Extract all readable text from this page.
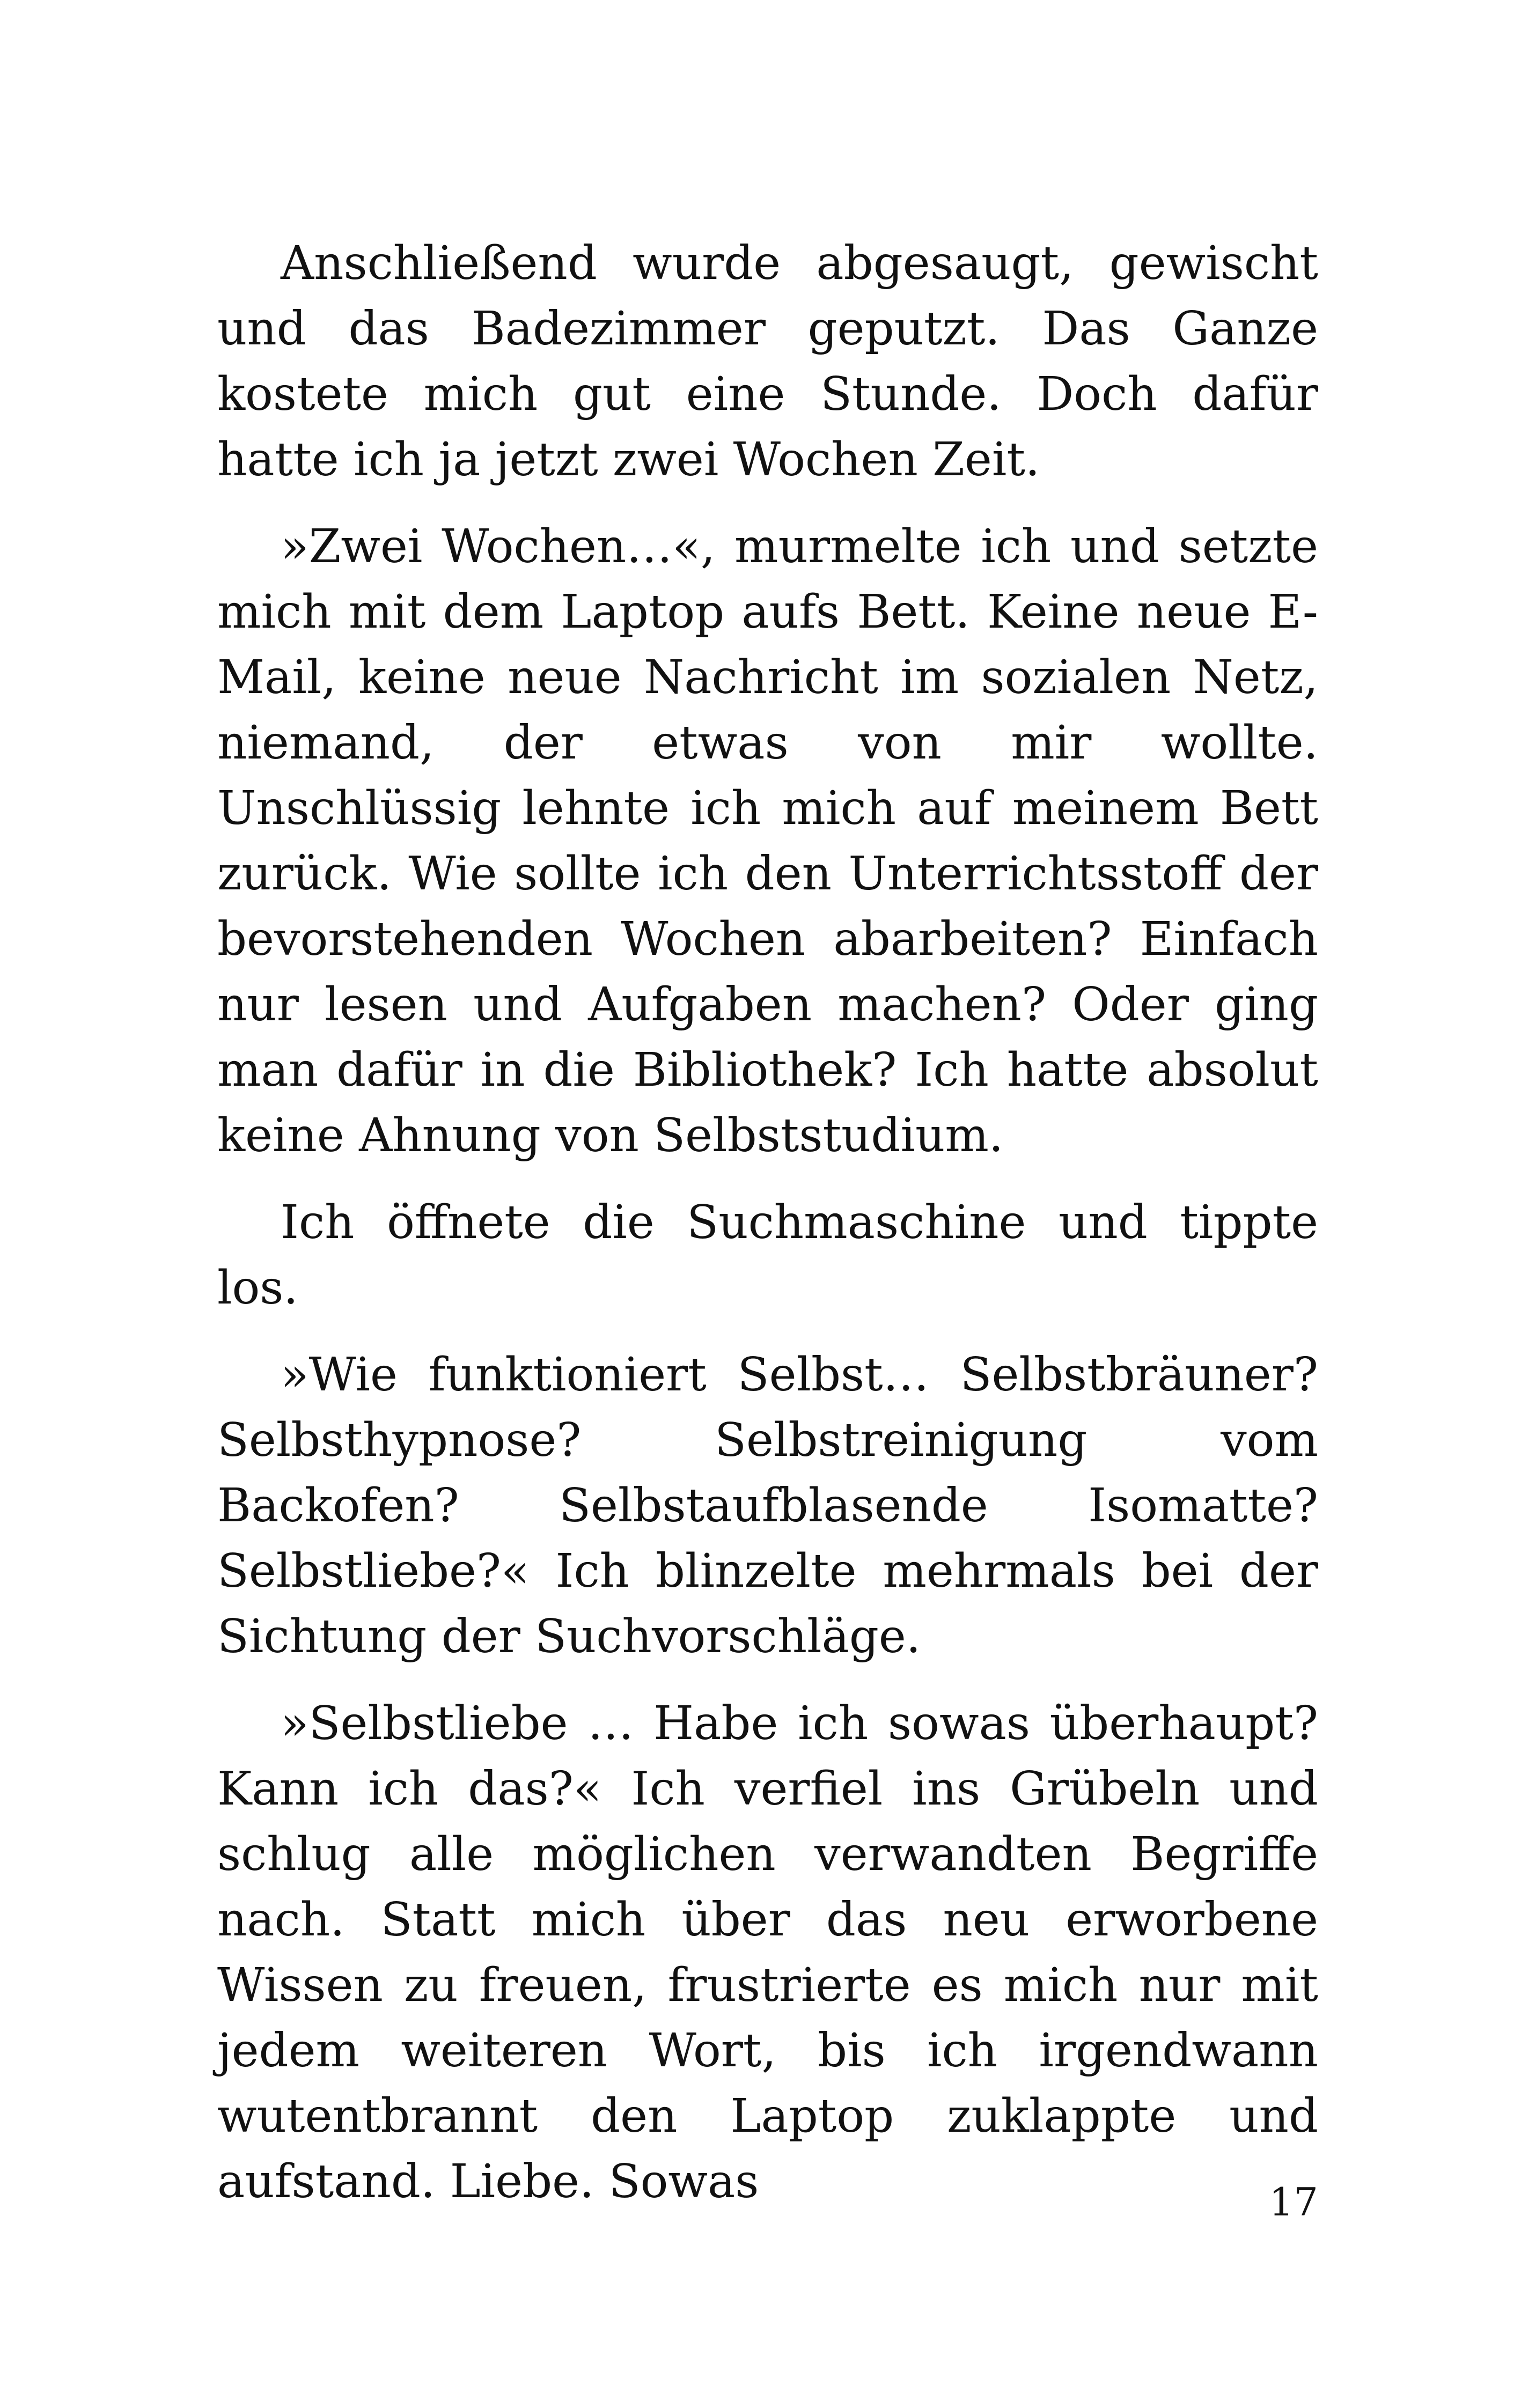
Anschließend wurde abgesaugt, gewischt und das Badezimmer geputzt. Das Ganze kostete mich gut eine Stunde. Doch dafür hatte ich ja jetzt zwei Wochen Zeit.

»Zwei Wochen…«, murmelte ich und setzte mich mit dem Laptop aufs Bett. Keine neue E-Mail, keine neue Nachricht im sozialen Netz, niemand, der etwas von mir wollte. Unschlüssig lehnte ich mich auf meinem Bett zurück. Wie sollte ich den Unterrichtsstoff der bevorstehenden Wochen abarbeiten? Einfach nur lesen und Aufgaben machen? Oder ging man dafür in die Bibliothek? Ich hatte absolut keine Ahnung von Selbststudium.

Ich öffnete die Suchmaschine und tippte los.

»Wie funktioniert Selbst… Selbstbräuner? Selbsthypnose? Selbstreinigung vom Backofen? Selbstaufblasende Isomatte? Selbstliebe?« Ich blinzelte mehrmals bei der Sichtung der Suchvorschläge.

»Selbstliebe … Habe ich sowas überhaupt? Kann ich das?« Ich verfiel ins Grübeln und schlug alle möglichen verwandten Begriffe nach. Statt mich über das neu erworbene Wissen zu freuen, frustrierte es mich nur mit jedem weiteren Wort, bis ich irgendwann wutentbrannt den Laptop zuklappte und aufstand. Liebe. Sowas	17
